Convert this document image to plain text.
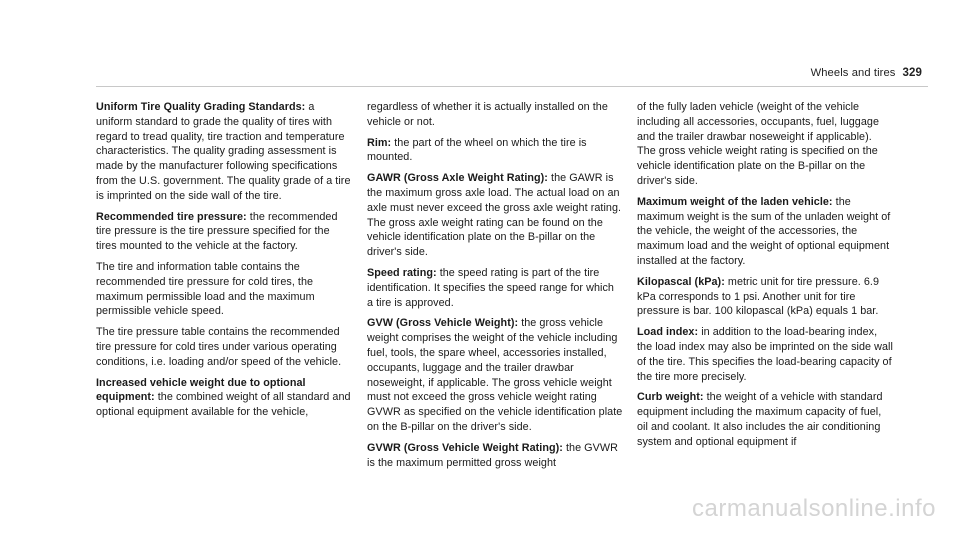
Wheels and tires 329

Uniform Tire Quality Grading Standards: a uniform standard to grade the quality of tires with regard to tread quality, tire traction and temperature characteristics. The quality grading assessment is made by the manufacturer following specifications from the U.S. government. The quality grade of a tire is imprinted on the side wall of the tire.

Recommended tire pressure: the recommended tire pressure is the tire pressure specified for the tires mounted to the vehicle at the factory.

The tire and information table contains the recommended tire pressure for cold tires, the maximum permissible load and the maximum permissible vehicle speed.

The tire pressure table contains the recommended tire pressure for cold tires under various operating conditions, i.e. loading and/or speed of the vehicle.

Increased vehicle weight due to optional equipment: the combined weight of all standard and optional equipment available for the vehicle,

regardless of whether it is actually installed on the vehicle or not.

Rim: the part of the wheel on which the tire is mounted.

GAWR (Gross Axle Weight Rating): the GAWR is the maximum gross axle load. The actual load on an axle must never exceed the gross axle weight rating. The gross axle weight rating can be found on the vehicle identification plate on the B-pillar on the driver's side.

Speed rating: the speed rating is part of the tire identification. It specifies the speed range for which a tire is approved.

GVW (Gross Vehicle Weight): the gross vehicle weight comprises the weight of the vehicle including fuel, tools, the spare wheel, accessories installed, occupants, luggage and the trailer drawbar noseweight, if applicable. The gross vehicle weight must not exceed the gross vehicle weight rating GVWR as specified on the vehicle identification plate on the B-pillar on the driver's side.

GVWR (Gross Vehicle Weight Rating): the GVWR is the maximum permitted gross weight

of the fully laden vehicle (weight of the vehicle including all accessories, occupants, fuel, luggage and the trailer drawbar noseweight if applicable). The gross vehicle weight rating is specified on the vehicle identification plate on the B-pillar on the driver's side.

Maximum weight of the laden vehicle: the maximum weight is the sum of the unladen weight of the vehicle, the weight of the accessories, the maximum load and the weight of optional equipment installed at the factory.

Kilopascal (kPa): metric unit for tire pressure. 6.9 kPa corresponds to 1 psi. Another unit for tire pressure is bar. 100 kilopascal (kPa) equals 1 bar.

Load index: in addition to the load-bearing index, the load index may also be imprinted on the side wall of the tire. This specifies the load-bearing capacity of the tire more precisely.

Curb weight: the weight of a vehicle with standard equipment including the maximum capacity of fuel, oil and coolant. It also includes the air conditioning system and optional equipment if

carmanualsonline.info
